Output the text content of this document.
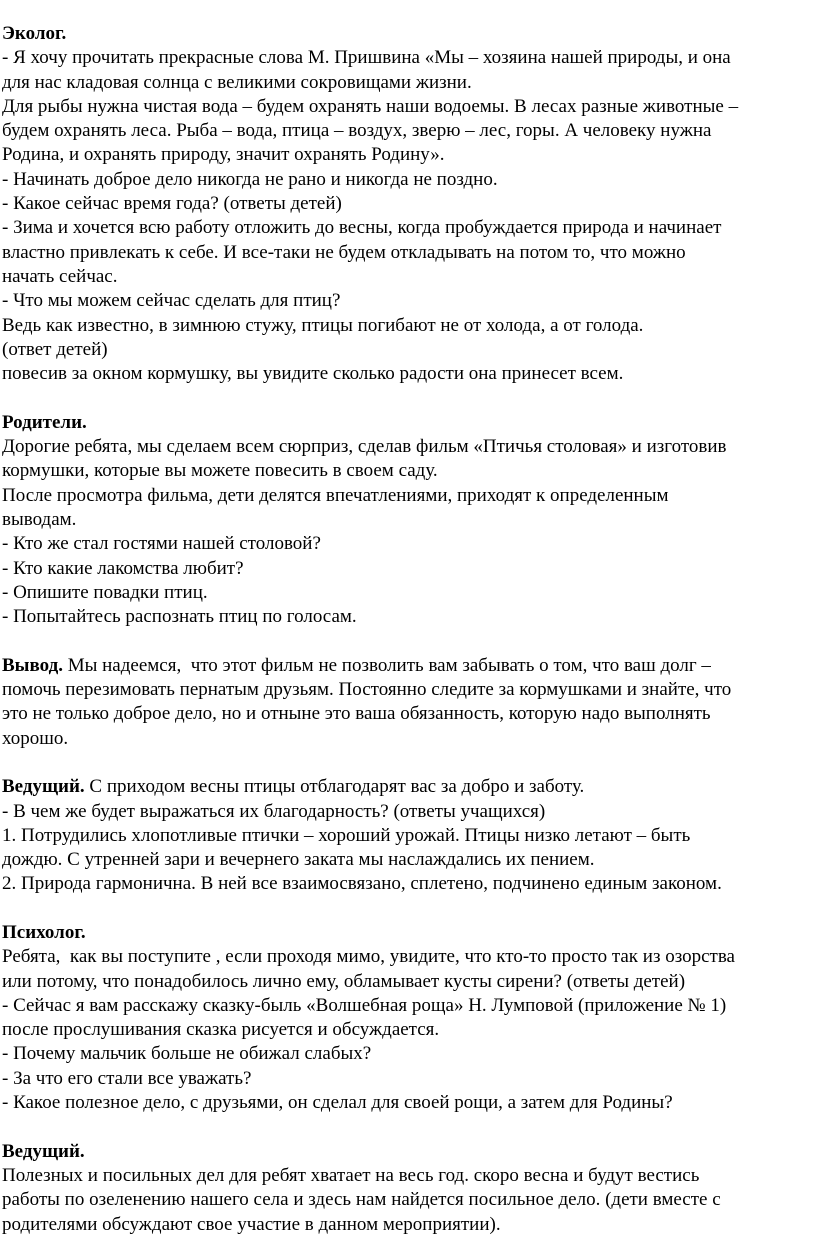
Эколог.
- Я хочу прочитать прекрасные слова М. Пришвина «Мы – хозяина нашей природы, и она
для нас кладовая солнца с великими сокровищами жизни.
Для рыбы нужна чистая вода – будем охранять наши водоемы. В лесах разные животные –
будем охранять леса. Рыба – вода, птица – воздух, зверю – лес, горы. А человеку нужна
Родина, и охранять природу, значит охранять Родину».
- Начинать доброе дело никогда не рано и никогда не поздно.
- Какое сейчас время года? (ответы детей)
- Зима и хочется всю работу отложить до весны, когда пробуждается природа и начинает
властно привлекать к себе. И все-таки не будем откладывать на потом то, что можно
начать сейчас.
- Что мы можем сейчас сделать для птиц?
Ведь как известно, в зимнюю стужу, птицы погибают не от холода, а от голода.
(ответ детей)
повесив за окном кормушку, вы увидите сколько радости она принесет всем.
Родители.
Дорогие ребята, мы сделаем всем сюрприз, сделав фильм «Птичья столовая» и изготовив
кормушки, которые вы можете повесить в своем саду.
После просмотра фильма, дети делятся впечатлениями, приходят к определенным
выводам.
- Кто же стал гостями нашей столовой?
- Кто какие лакомства любит?
- Опишите повадки птиц.
- Попытайтесь распознать птиц по голосам.
Вывод. Мы надеемся,  что этот фильм не позволить вам забывать о том, что ваш долг –
помочь перезимовать пернатым друзьям. Постоянно следите за кормушками и знайте, что
это не только доброе дело, но и отныне это ваша обязанность, которую надо выполнять
хорошо.
Ведущий. С приходом весны птицы отблагодарят вас за добро и заботу.
- В чем же будет выражаться их благодарность? (ответы учащихся)
1. Потрудились хлопотливые птички – хороший урожай. Птицы низко летают – быть
дождю. С утренней зари и вечернего заката мы наслаждались их пением.
2. Природа гармонична. В ней все взаимосвязано, сплетено, подчинено единым законом.
Психолог.
Ребята,  как вы поступите , если проходя мимо, увидите, что кто-то просто так из озорства
или потому, что понадобилось лично ему, обламывает кусты сирени? (ответы детей)
- Сейчас я вам расскажу сказку-быль «Волшебная роща» Н. Лумповой (приложение № 1)
после прослушивания сказка рисуется и обсуждается.
- Почему мальчик больше не обижал слабых?
- За что его стали все уважать?
- Какое полезное дело, с друзьями, он сделал для своей рощи, а затем для Родины?
Ведущий.
Полезных и посильных дел для ребят хватает на весь год. скоро весна и будут вестись
работы по озеленению нашего села и здесь нам найдется посильное дело. (дети вместе с
родителями обсуждают свое участие в данном мероприятии).
